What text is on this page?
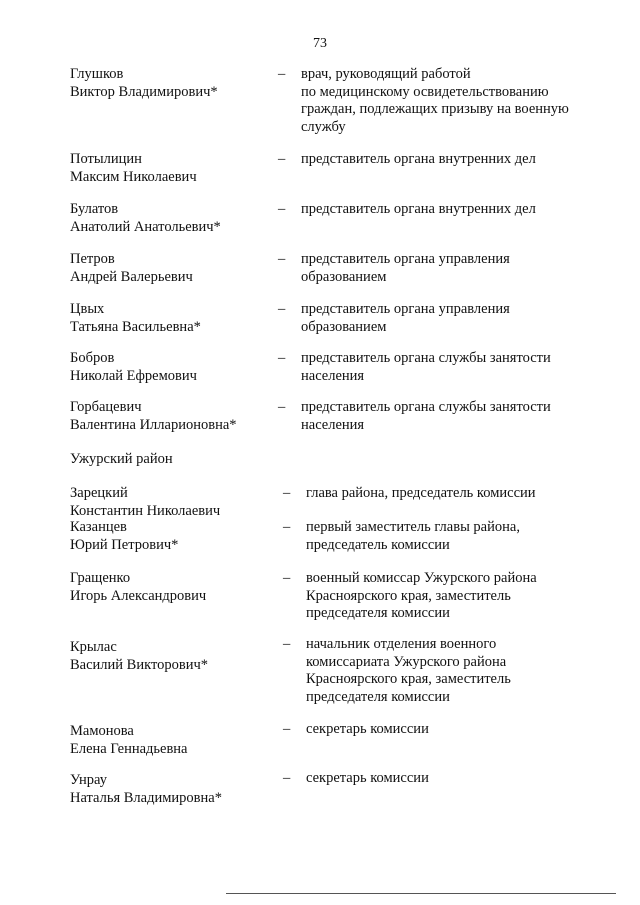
73
Глушков
Виктор Владимирович*
– врач, руководящий работой
по медицинскому освидетельствованию
граждан, подлежащих призыву на военную
службу
Потылицин
Максим Николаевич
– представитель органа внутренних дел
Булатов
Анатолий Анатольевич*
– представитель органа внутренних дел
Петров
Андрей Валерьевич
– представитель органа управления
образованием
Цвых
Татьяна Васильевна*
– представитель органа управления
образованием
Бобров
Николай Ефремович
– представитель органа службы занятости
населения
Горбацевич
Валентина Илларионовна*
– представитель органа службы занятости
населения
Ужурский район
Зарецкий
Константин Николаевич
– глава района, председатель комиссии
Казанцев
Юрий Петрович*
– первый заместитель главы района,
председатель комиссии
Гращенко
Игорь Александрович
– военный комиссар Ужурского района
Красноярского края, заместитель
председателя комиссии
Крылас
Василий Викторович*
– начальник отделения военного
комиссариата Ужурского района
Красноярского края, заместитель
председателя комиссии
Мамонова
Елена Геннадьевна
– секретарь комиссии
Унрау
Наталья Владимировна*
– секретарь комиссии
